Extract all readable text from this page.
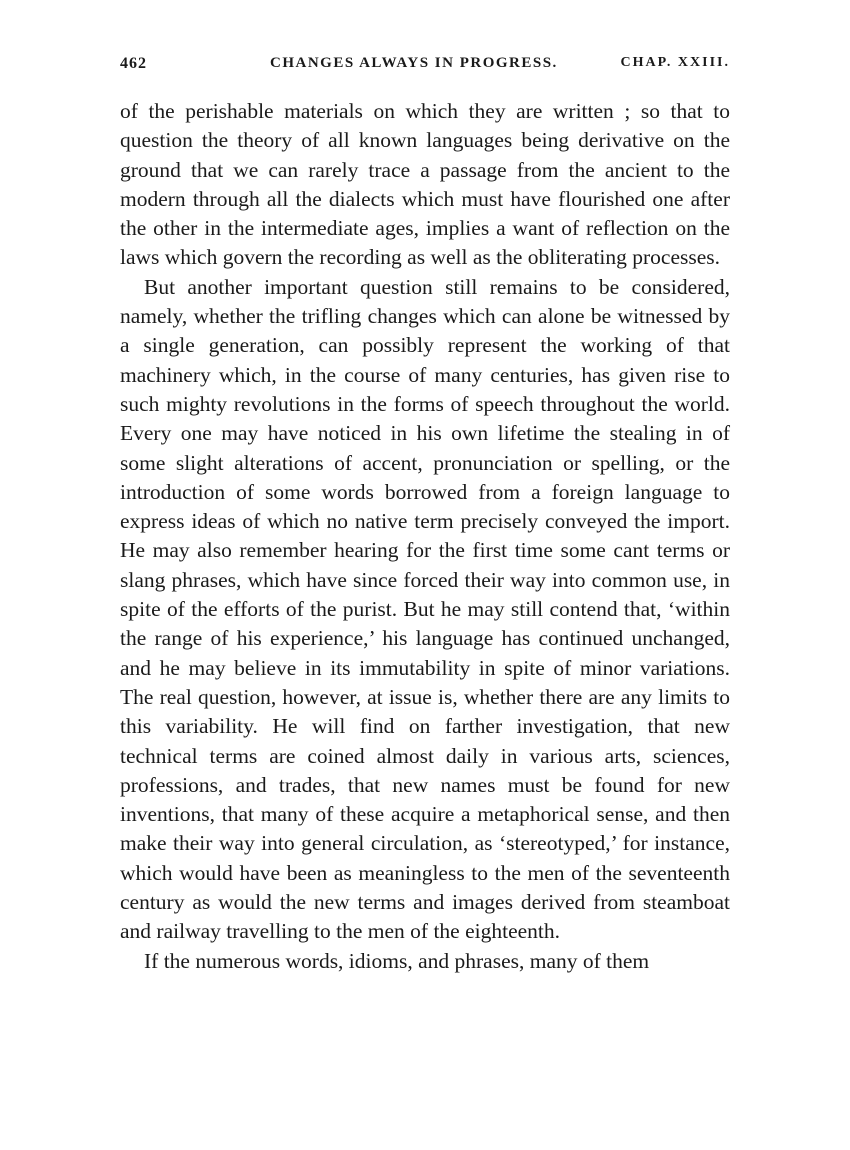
462	CHANGES ALWAYS IN PROGRESS.	CHAP. XXIII.

of the perishable materials on which they are written ; so that to question the theory of all known languages being derivative on the ground that we can rarely trace a passage from the ancient to the modern through all the dialects which must have flourished one after the other in the intermediate ages, implies a want of reflection on the laws which govern the recording as well as the obliterating processes.

But another important question still remains to be considered, namely, whether the trifling changes which can alone be witnessed by a single generation, can possibly represent the working of that machinery which, in the course of many centuries, has given rise to such mighty revolutions in the forms of speech throughout the world. Every one may have noticed in his own lifetime the stealing in of some slight alterations of accent, pronunciation or spelling, or the introduction of some words borrowed from a foreign language to express ideas of which no native term precisely conveyed the import. He may also remember hearing for the first time some cant terms or slang phrases, which have since forced their way into common use, in spite of the efforts of the purist. But he may still contend that, ‘within the range of his experience,’ his language has continued unchanged, and he may believe in its immutability in spite of minor variations. The real question, however, at issue is, whether there are any limits to this variability. He will find on farther investigation, that new technical terms are coined almost daily in various arts, sciences, professions, and trades, that new names must be found for new inventions, that many of these acquire a metaphorical sense, and then make their way into general circulation, as ‘stereotyped,’ for instance, which would have been as meaningless to the men of the seventeenth century as would the new terms and images derived from steamboat and railway travelling to the men of the eighteenth.

If the numerous words, idioms, and phrases, many of them
